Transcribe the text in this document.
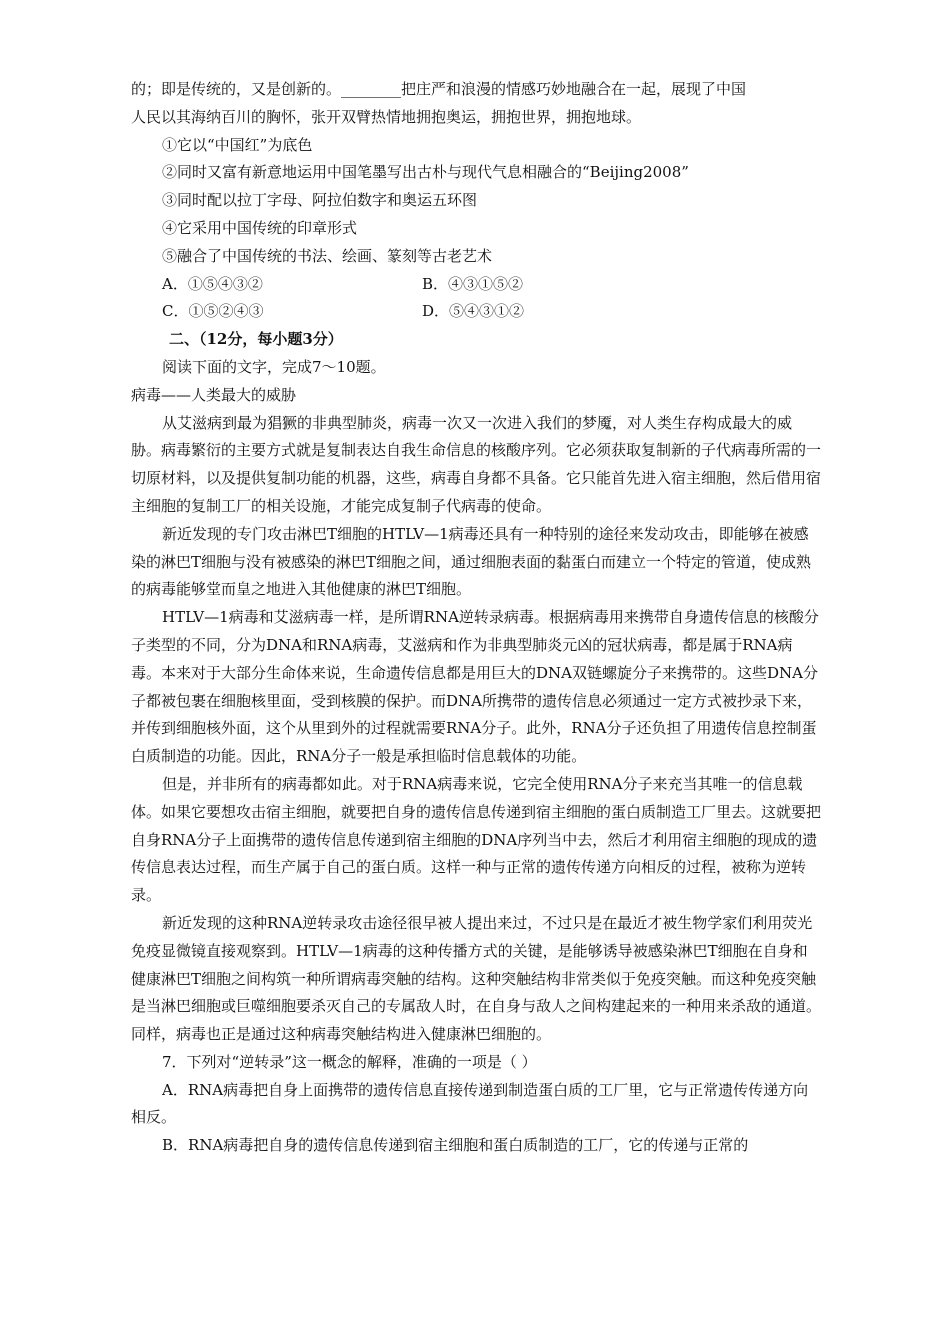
的；即是传统的，又是创新的。________把庄严和浪漫的情感巧妙地融合在一起，展现了中国

人民以其海纳百川的胸怀，张开双臂热情地拥抱奥运，拥抱世界，拥抱地球。

①它以“中国红”为底色

②同时又富有新意地运用中国笔墨写出古朴与现代气息相融合的“Beijing2008”

③同时配以拉丁字母、阿拉伯数字和奥运五环图

④它采用中国传统的印章形式

⑤融合了中国传统的书法、绘画、篆刻等古老艺术

A．①⑤④③②	B．④③①⑤②
C．①⑤②④③	D．⑤④③①②

二、（12分，每小题3分）

阅读下面的文字，完成7～10题。

病毒——人类最大的威胁

从艾滋病到最为猖獗的非典型肺炎，病毒一次又一次进入我们的梦魇，对人类生存构成最大的威胁。病毒繁衍的主要方式就是复制表达自我生命信息的核酸序列。它必须获取复制新的子代病毒所需的一切原材料，以及提供复制功能的机器，这些，病毒自身都不具备。它只能首先进入宿主细胞，然后借用宿主细胞的复制工厂的相关设施，才能完成复制子代病毒的使命。

新近发现的专门攻击淋巴T细胞的HTLV—1病毒还具有一种特别的途径来发动攻击，即能够在被感染的淋巴T细胞与没有被感染的淋巴T细胞之间，通过细胞表面的黏蛋白而建立一个特定的管道，使成熟的病毒能够堂而皇之地进入其他健康的淋巴T细胞。

HTLV—1病毒和艾滋病毒一样，是所谓RNA逆转录病毒。根据病毒用来携带自身遗传信息的核酸分子类型的不同，分为DNA和RNA病毒，艾滋病和作为非典型肺炎元凶的冠状病毒，都是属于RNA病毒。本来对于大部分生命体来说，生命遗传信息都是用巨大的DNA双链螺旋分子来携带的。这些DNA分子都被包裹在细胞核里面，受到核膜的保护。而DNA所携带的遗传信息必须通过一定方式被抄录下来，并传到细胞核外面，这个从里到外的过程就需要RNA分子。此外，RNA分子还负担了用遗传信息控制蛋白质制造的功能。因此，RNA分子一般是承担临时信息载体的功能。

但是，并非所有的病毒都如此。对于RNA病毒来说，它完全使用RNA分子来充当其唯一的信息载体。如果它要想攻击宿主细胞，就要把自身的遗传信息传递到宿主细胞的蛋白质制造工厂里去。这就要把自身RNA分子上面携带的遗传信息传递到宿主细胞的DNA序列当中去，然后才利用宿主细胞的现成的遗传信息表达过程，而生产属于自己的蛋白质。这样一种与正常的遗传传递方向相反的过程，被称为逆转录。

新近发现的这种RNA逆转录攻击途径很早被人提出来过，不过只是在最近才被生物学家们利用荧光免疫显微镜直接观察到。HTLV—1病毒的这种传播方式的关键，是能够诱导被感染淋巴T细胞在自身和健康淋巴T细胞之间构筑一种所谓病毒突触的结构。这种突触结构非常类似于免疫突触。而这种免疫突触是当淋巴细胞或巨噬细胞要杀灭自己的专属敌人时，在自身与敌人之间构建起来的一种用来杀敌的通道。同样，病毒也正是通过这种病毒突触结构进入健康淋巴细胞的。

7．下列对“逆转录”这一概念的解释，准确的一项是（ ）

A．RNA病毒把自身上面携带的遗传信息直接传递到制造蛋白质的工厂里，它与正常遗传传递方向相反。

B．RNA病毒把自身的遗传信息传递到宿主细胞和蛋白质制造的工厂，它的传递与正常的
